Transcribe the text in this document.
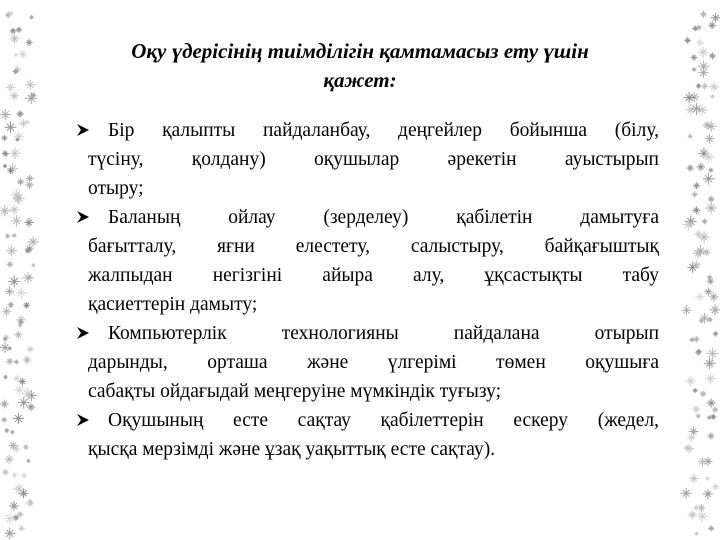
Оқу үдерісінің тиімділігін қамтамасыз ету үшін
қажет:
Бір қалыпты пайдаланбау, деңгейлер бойынша (білу,
түсіну, қолдану) оқушылар әрекетін ауыстырып
отыру;
Баланың ойлау (зерделеу) қабілетін дамытуға
бағытталу, яғни елестету, салыстыру, байқағыштық
жалпыдан негізгіні айыра алу, ұқсастықты табу
қасиеттерін дамыту;
Компьютерлік технологияны пайдалана отырып
дарынды, орташа және үлгерімі төмен оқушыға
сабақты ойдағыдай меңгеруіне мүмкіндік туғызу;
Оқушының есте сақтау қабілеттерін ескеру (жедел,
қысқа мерзімді және ұзақ уақыттық есте сақтау).
